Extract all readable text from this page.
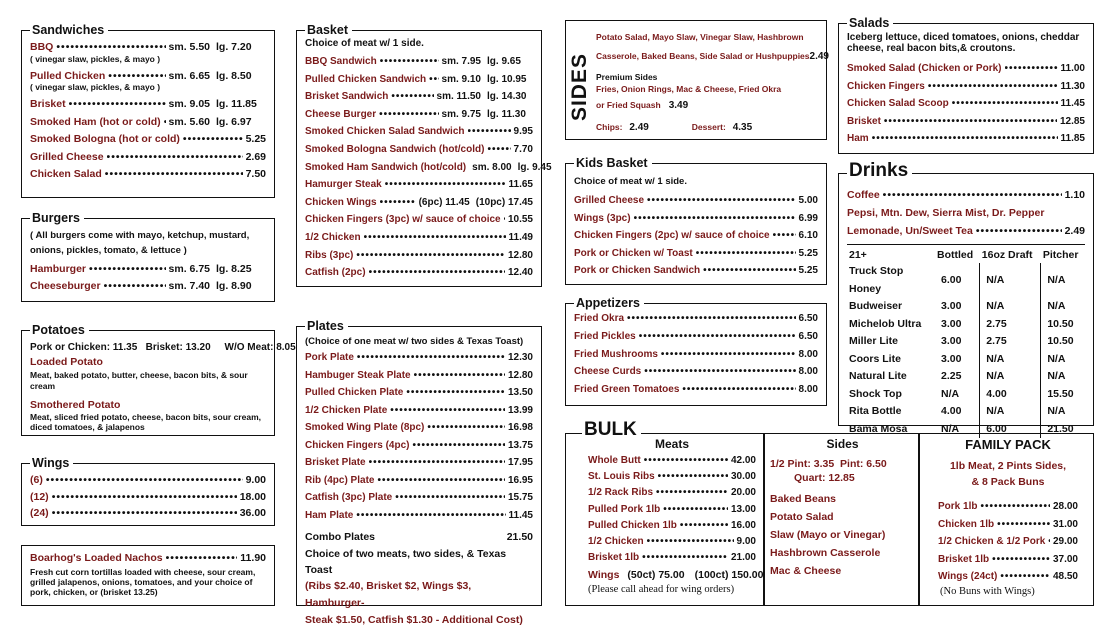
Sandwiches
BBQ •••••	sm. 5.50 lg. 7.20
( vinegar slaw, pickles, & mayo )
Pulled Chicken •••••	sm. 6.65 lg. 8.50
( vinegar slaw, pickles, & mayo )
Brisket •••••	sm. 9.05 lg. 11.85
Smoked Ham (hot or cold) ••••• sm. 5.60 lg. 6.97
Smoked Bologna (hot or cold) •••••	5.25
Grilled Cheese •••••	2.69
Chicken Salad •••••	7.50
Burgers
( All burgers come with mayo, ketchup, mustard,
onions, pickles, tomato, & lettuce )
Hamburger •••••	sm. 6.75 lg. 8.25
Cheeseburger •••••	sm. 7.40 lg. 8.90
Potatoes
Pork or Chicken: 11.35   Brisket: 13.20     W/O Meat: 8.05
Loaded Potato
Meat, baked potato, butter, cheese, bacon bits, & sour cream
Smothered Potato
Meat, sliced fried potato, cheese, bacon bits, sour cream,
diced tomatoes, & jalapenos
Wings
(6) •••••	9.00
(12) •••••	18.00
(24) •••••	36.00
Boarhog's Loaded Nachos •••••	11.90
Fresh cut corn tortillas loaded with cheese, sour cream,
grilled jalapenos, onions, tomatoes, and your choice of
pork, chicken, or (brisket 13.25)
Basket
Choice of meat w/ 1 side.
BBQ Sandwich •••••	sm. 7.95 lg. 9.65
Pulled Chicken Sandwich ••••• sm. 9.10 lg. 10.95
Brisket Sandwich •••••	sm. 11.50 lg. 14.30
Cheese Burger •••••	sm. 9.75 lg. 11.30
Smoked Chicken Salad Sandwich •••••	9.95
Smoked Bologna Sandwich (hot/cold) •••••	7.70
Smoked Ham Sandwich (hot/cold) sm. 8.00 lg. 9.45
Hamurger Steak •••••	11.65
Chicken Wings •••••	(6pc) 11.45 (10pc) 17.45
Chicken Fingers (3pc) w/ sauce of choice ••••• 10.55
1/2 Chicken •••••	11.49
Ribs (3pc) •••••	12.80
Catfish (2pc) •••••	12.40
Plates
(Choice of one meat w/ two sides & Texas Toast)
Pork Plate •••••	12.30
Hambuger Steak Plate •••••	12.80
Pulled Chicken Plate •••••	13.50
1/2 Chicken Plate •••••	13.99
Smoked Wing Plate (8pc) •••••	16.98
Chicken Fingers (4pc) •••••	13.75
Brisket Plate •••••	17.95
Rib (4pc) Plate •••••	16.95
Catfish (3pc) Plate •••••	15.75
Ham Plate •••••	11.45
Combo Plates	21.50
Choice of two meats, two sides, & Texas Toast
(Ribs $2.40, Brisket $2, Wings $3, Hamburger-
Steak $1.50, Catfish $1.30 - Additional Cost)
SIDES
Potato Salad, Mayo Slaw, Vinegar Slaw, Hashbrown
Casserole, Baked Beans, Side Salad or Hushpuppies 2.49
Premium Sides
Fries, Onion Rings, Mac & Cheese, Fried Okra
or Fried Squash 3.49
Chips: 2.49	Dessert: 4.35
Kids Basket
Choice of meat w/ 1 side.
Grilled Cheese •••••	5.00
Wings (3pc) •••••	6.99
Chicken Fingers (2pc) w/ sauce of choice •••••	6.10
Pork or Chicken w/ Toast •••••	5.25
Pork or Chicken Sandwich •••••	5.25
Appetizers
Fried Okra •••••	6.50
Fried Pickles •••••	6.50
Fried Mushrooms •••••	8.00
Cheese Curds •••••	8.00
Fried Green Tomatoes •••••	8.00
Salads
Iceberg lettuce, diced tomatoes, onions, cheddar
cheese, real bacon bits,& croutons.
Smoked Salad (Chicken or Pork) •••••	11.00
Chicken Fingers •••••	11.30
Chicken Salad Scoop •••••	11.45
Brisket •••••	12.85
Ham •••••	11.85
Drinks
Coffee •••••	1.10
Pepsi, Mtn. Dew, Sierra Mist, Dr. Pepper
Lemonade, Un/Sweet Tea •••••	2.49
21+	Bottled	16oz Draft	Pitcher
Truck Stop Honey	6.00	N/A	N/A
Budweiser	3.00	N/A	N/A
Michelob Ultra	3.00	2.75	10.50
Miller Lite	3.00	2.75	10.50
Coors Lite	3.00	N/A	N/A
Natural Lite	2.25	N/A	N/A
Shock Top	N/A	4.00	15.50
Rita Bottle	4.00	N/A	N/A
Bama Mosa	N/A	6.00	21.50
BULK
Meats
Whole Butt •••••	42.00
St. Louis Ribs •••••	30.00
1/2 Rack Ribs •••••	20.00
Pulled Pork 1lb •••••	13.00
Pulled Chicken 1lb •••••	16.00
1/2 Chicken •••••	9.00
Brisket 1lb •••••	21.00
Wings (50ct) 75.00 (100ct) 150.00
(Please call ahead for wing orders)
Sides
1/2 Pint: 3.35 Pint: 6.50
Quart: 12.85
Baked Beans
Potato Salad
Slaw (Mayo or Vinegar)
Hashbrown Casserole
Mac & Cheese
FAMILY PACK
1lb Meat, 2 Pints Sides,
& 8 Pack Buns
Pork 1lb •••••	28.00
Chicken 1lb •••••	31.00
1/2 Chicken & 1/2 Pork ••••• 29.00
Brisket 1lb •••••	37.00
Wings (24ct) •••••	48.50
(No Buns with Wings)
